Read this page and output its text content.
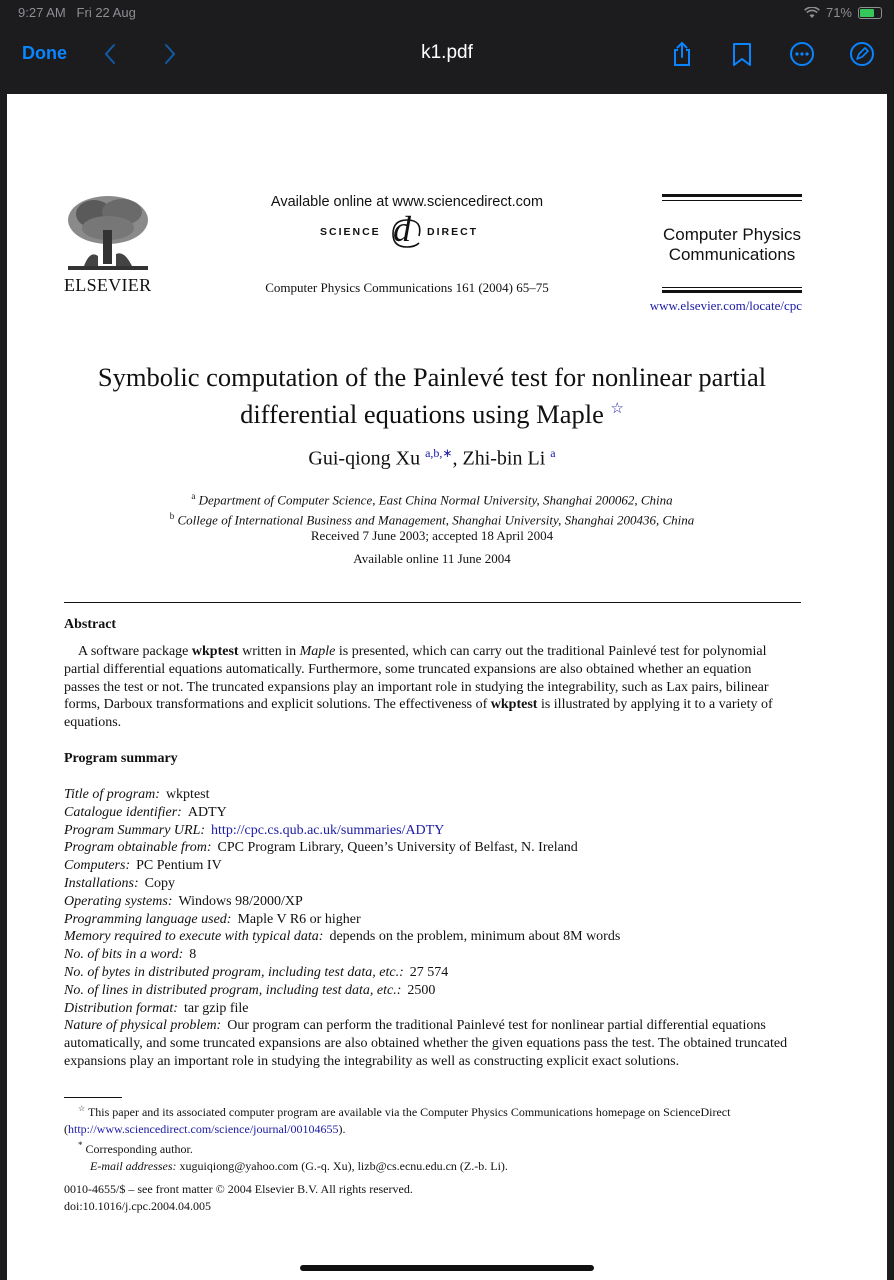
9:27 AM Fri 22 Aug	71%
Done	k1.pdf
ELSEVIER
Available online at www.sciencedirect.com
SCIENCE d DIRECT
Computer Physics Communications 161 (2004) 65–75
Computer Physics
Communications
www.elsevier.com/locate/cpc
Symbolic computation of the Painlevé test for nonlinear partial
differential equations using Maple ☆
Gui-qiong Xu $^{a,b,∗}$, Zhi-bin Li $^a$
$^a$ Department of Computer Science, East China Normal University, Shanghai 200062, China
$^b$ College of International Business and Management, Shanghai University, Shanghai 200436, China
Received 7 June 2003; accepted 18 April 2004
Available online 11 June 2004
Abstract
A software package wkptest written in Maple is presented, which can carry out the traditional Painlevé test for polynomial
partial differential equations automatically. Furthermore, some truncated expansions are also obtained whether an equation
passes the test or not. The truncated expansions play an important role in studying the integrability, such as Lax pairs, bilinear
forms, Darboux transformations and explicit solutions. The effectiveness of wkptest is illustrated by applying it to a variety of
equations.
Program summary
Title of program: wkptest
Catalogue identifier: ADTY
Program Summary URL: http://cpc.cs.qub.ac.uk/summaries/ADTY
Program obtainable from: CPC Program Library, Queen’s University of Belfast, N. Ireland
Computers: PC Pentium IV
Installations: Copy
Operating systems: Windows 98/2000/XP
Programming language used: Maple V R6 or higher
Memory required to execute with typical data: depends on the problem, minimum about 8M words
No. of bits in a word: 8
No. of bytes in distributed program, including test data, etc.: 27 574
No. of lines in distributed program, including test data, etc.: 2500
Distribution format: tar gzip file
Nature of physical problem: Our program can perform the traditional Painlevé test for nonlinear partial differential equations
automatically, and some truncated expansions are also obtained whether the given equations pass the test. The obtained truncated
expansions play an important role in studying the integrability as well as constructing explicit exact solutions.
☆ This paper and its associated computer program are available via the Computer Physics Communications homepage on ScienceDirect
(http://www.sciencedirect.com/science/journal/00104655).
* Corresponding author.
E-mail addresses: xuguiqiong@yahoo.com (G.-q. Xu), lizb@cs.ecnu.edu.cn (Z.-b. Li).
0010-4655/$ – see front matter © 2004 Elsevier B.V. All rights reserved.
doi:10.1016/j.cpc.2004.04.005
